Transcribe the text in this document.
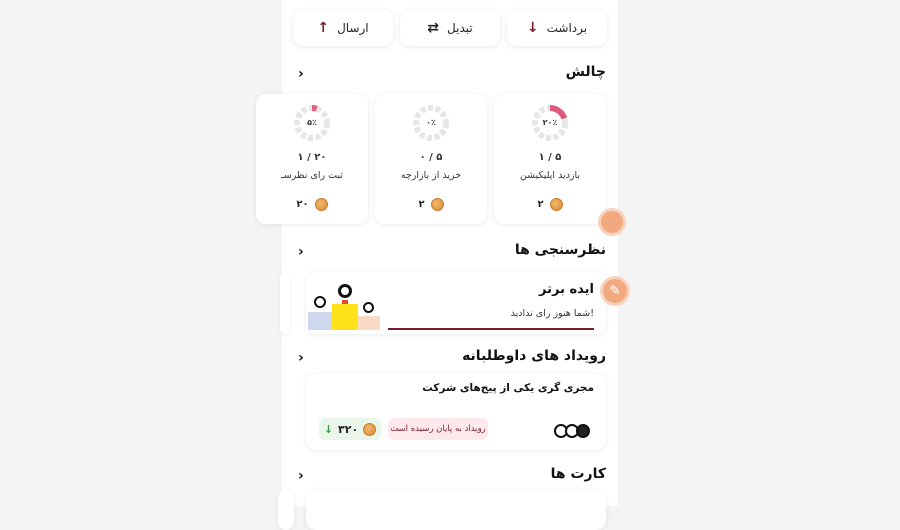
↓ برداشت
⇄ تبدیل
↑ ارسال
چالش
›
۲۰٪
۱ / ۵
بازدید اپلیکیشن
۲
۰٪
۰ / ۵
خرید از بازارچه
۲
۵٪
۱ / ۲۰
ثبت رای نظرسـ
۲۰
نظرسنجی ها
›
ایده برتر
شما هنوز رای ندادید!
✎
رویداد های داوطلبانه
›
مجری گری یکی از پیج‌های شرکت
↓ ۳۲۰	رویداد به پایان رسیده است
کارت ها
›
